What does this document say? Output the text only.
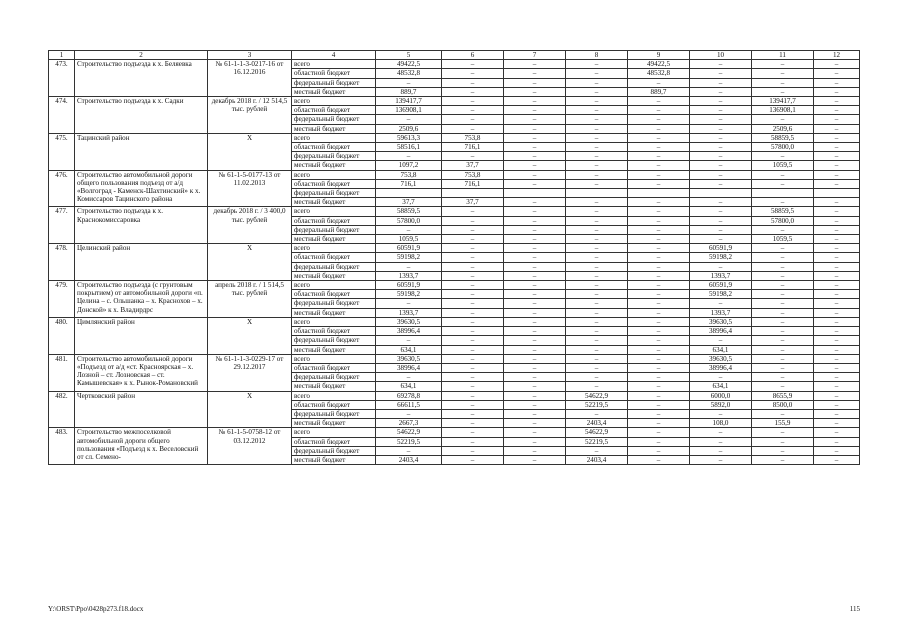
1	2	3	4	5	6	7	8	9	10	11	12
473.	Строительство подъезда к х. Беляевка	№ 61-1-1-3-0217-16 от 16.12.2016	всего	49422,5	–	–	–	49422,5	–	–	–
			областной бюджет	48532,8	–	–	–	48532,8	–	–	–
			федеральный бюджет	–	–	–	–	–	–	–	–
			местный бюджет	889,7	–	–	–	889,7	–	–	–
474.	Строительство подъезда к х. Садки	декабрь 2018 г. / 12 514,5 тыс. рублей	всего	139417,7	–	–	–	–	–	139417,7	–
			областной бюджет	136908,1	–	–	–	–	–	136908,1	–
			федеральный бюджет	–	–	–	–	–	–	–	–
			местный бюджет	2509,6	–	–	–	–	–	2509,6	–
475.	Тацинский район	Х	всего	59613,3	753,8	–	–	–	–	58859,5	–
			областной бюджет	58516,1	716,1	–	–	–	–	57800,0	–
			федеральный бюджет	–	–	–	–	–	–	–	–
			местный бюджет	1097,2	37,7	–	–	–	–	1059,5	–
476.	Строительство автомобильной дороги общего пользования подъезд от а/д «Волгоград - Каменск-Шахтинский» к х. Комиссаров Тацинского района	№ 61-1-5-0177-13 от 11.02.2013	всего	753,8	753,8	–	–	–	–	–	–
			областной бюджет	716,1	716,1	–	–	–	–	–	–
			федеральный бюджет								
			местный бюджет	37,7	37,7	–	–	–	–	–	–
477.	Строительство подъезда к х. Краснокомиссаровка	декабрь 2018 г. / 3 400,0 тыс. рублей	всего	58859,5	–	–	–	–	–	58859,5	–
			областной бюджет	57800,0	–	–	–	–	–	57800,0	–
			федеральный бюджет	–	–	–	–	–	–	–	–
			местный бюджет	1059,5	–	–	–	–	–	1059,5	–
478.	Целинский район	Х	всего	60591,9	–	–	–	–	60591,9	–	–
			областной бюджет	59198,2	–	–	–	–	59198,2	–	–
			федеральный бюджет	–	–	–	–	–	–	–	–
			местный бюджет	1393,7	–	–	–	–	1393,7	–	–
479.	Строительство подъезда (с грунтовым покрытием) от автомобильной дороги «п. Целина – с. Ольшанка – х. Краснохов – х. Донской» к х. Владирдрс	апрель 2018 г. / 1 514,5 тыс. рублей	всего	60591,9	–	–	–	–	60591,9	–	–
			областной бюджет	59198,2	–	–	–	–	59198,2	–	–
			федеральный бюджет	–	–	–	–	–	–	–	–
			местный бюджет	1393,7	–	–	–	–	1393,7	–	–
480.	Цимлянский район	Х	всего	39630,5	–	–	–	–	39630,5	–	–
			областной бюджет	38996,4	–	–	–	–	38996,4	–	–
			федеральный бюджет	–	–	–	–	–	–	–	–
			местный бюджет	634,1	–	–	–	–	634,1	–	–
481.	Строительство автомобильной дороги «Подъезд от а/д «ст. Красноярская – х. Лозной – ст. Лозновская – ст. Камышевская» к х. Рынок-Романовский	№ 61-1-1-3-0229-17 от 29.12.2017	всего	39630,5	–	–	–	–	39630,5	–	–
			областной бюджет	38996,4	–	–	–	–	38996,4	–	–
			федеральный бюджет	–	–	–	–	–	–	–	–
			местный бюджет	634,1	–	–	–	–	634,1	–	–
482.	Чертковский район	Х	всего	69278,8	–	–	54622,9	–	6000,0	8655,9	–
			областной бюджет	66611,5	–	–	52219,5	–	5892,0	8500,0	–
			федеральный бюджет	–	–	–	–	–	–	–	–
			местный бюджет	2667,3	–	–	2403,4	–	108,0	155,9	–
483.	Строительство межпоселковой автомобильной дороги общего пользования «Подъезд к х. Веселовский от сл. Семено-	№ 61-1-5-0758-12 от 03.12.2012	всего	54622,9	–	–	54622,9	–	–	–	–
			областной бюджет	52219,5	–	–	52219,5	–	–	–	–
			федеральный бюджет	–	–	–	–	–	–	–	–
			местный бюджет	2403,4	–	–	2403,4	–	–	–	–
Y:\ORST\Ppo\0428p273.f18.docx	115
